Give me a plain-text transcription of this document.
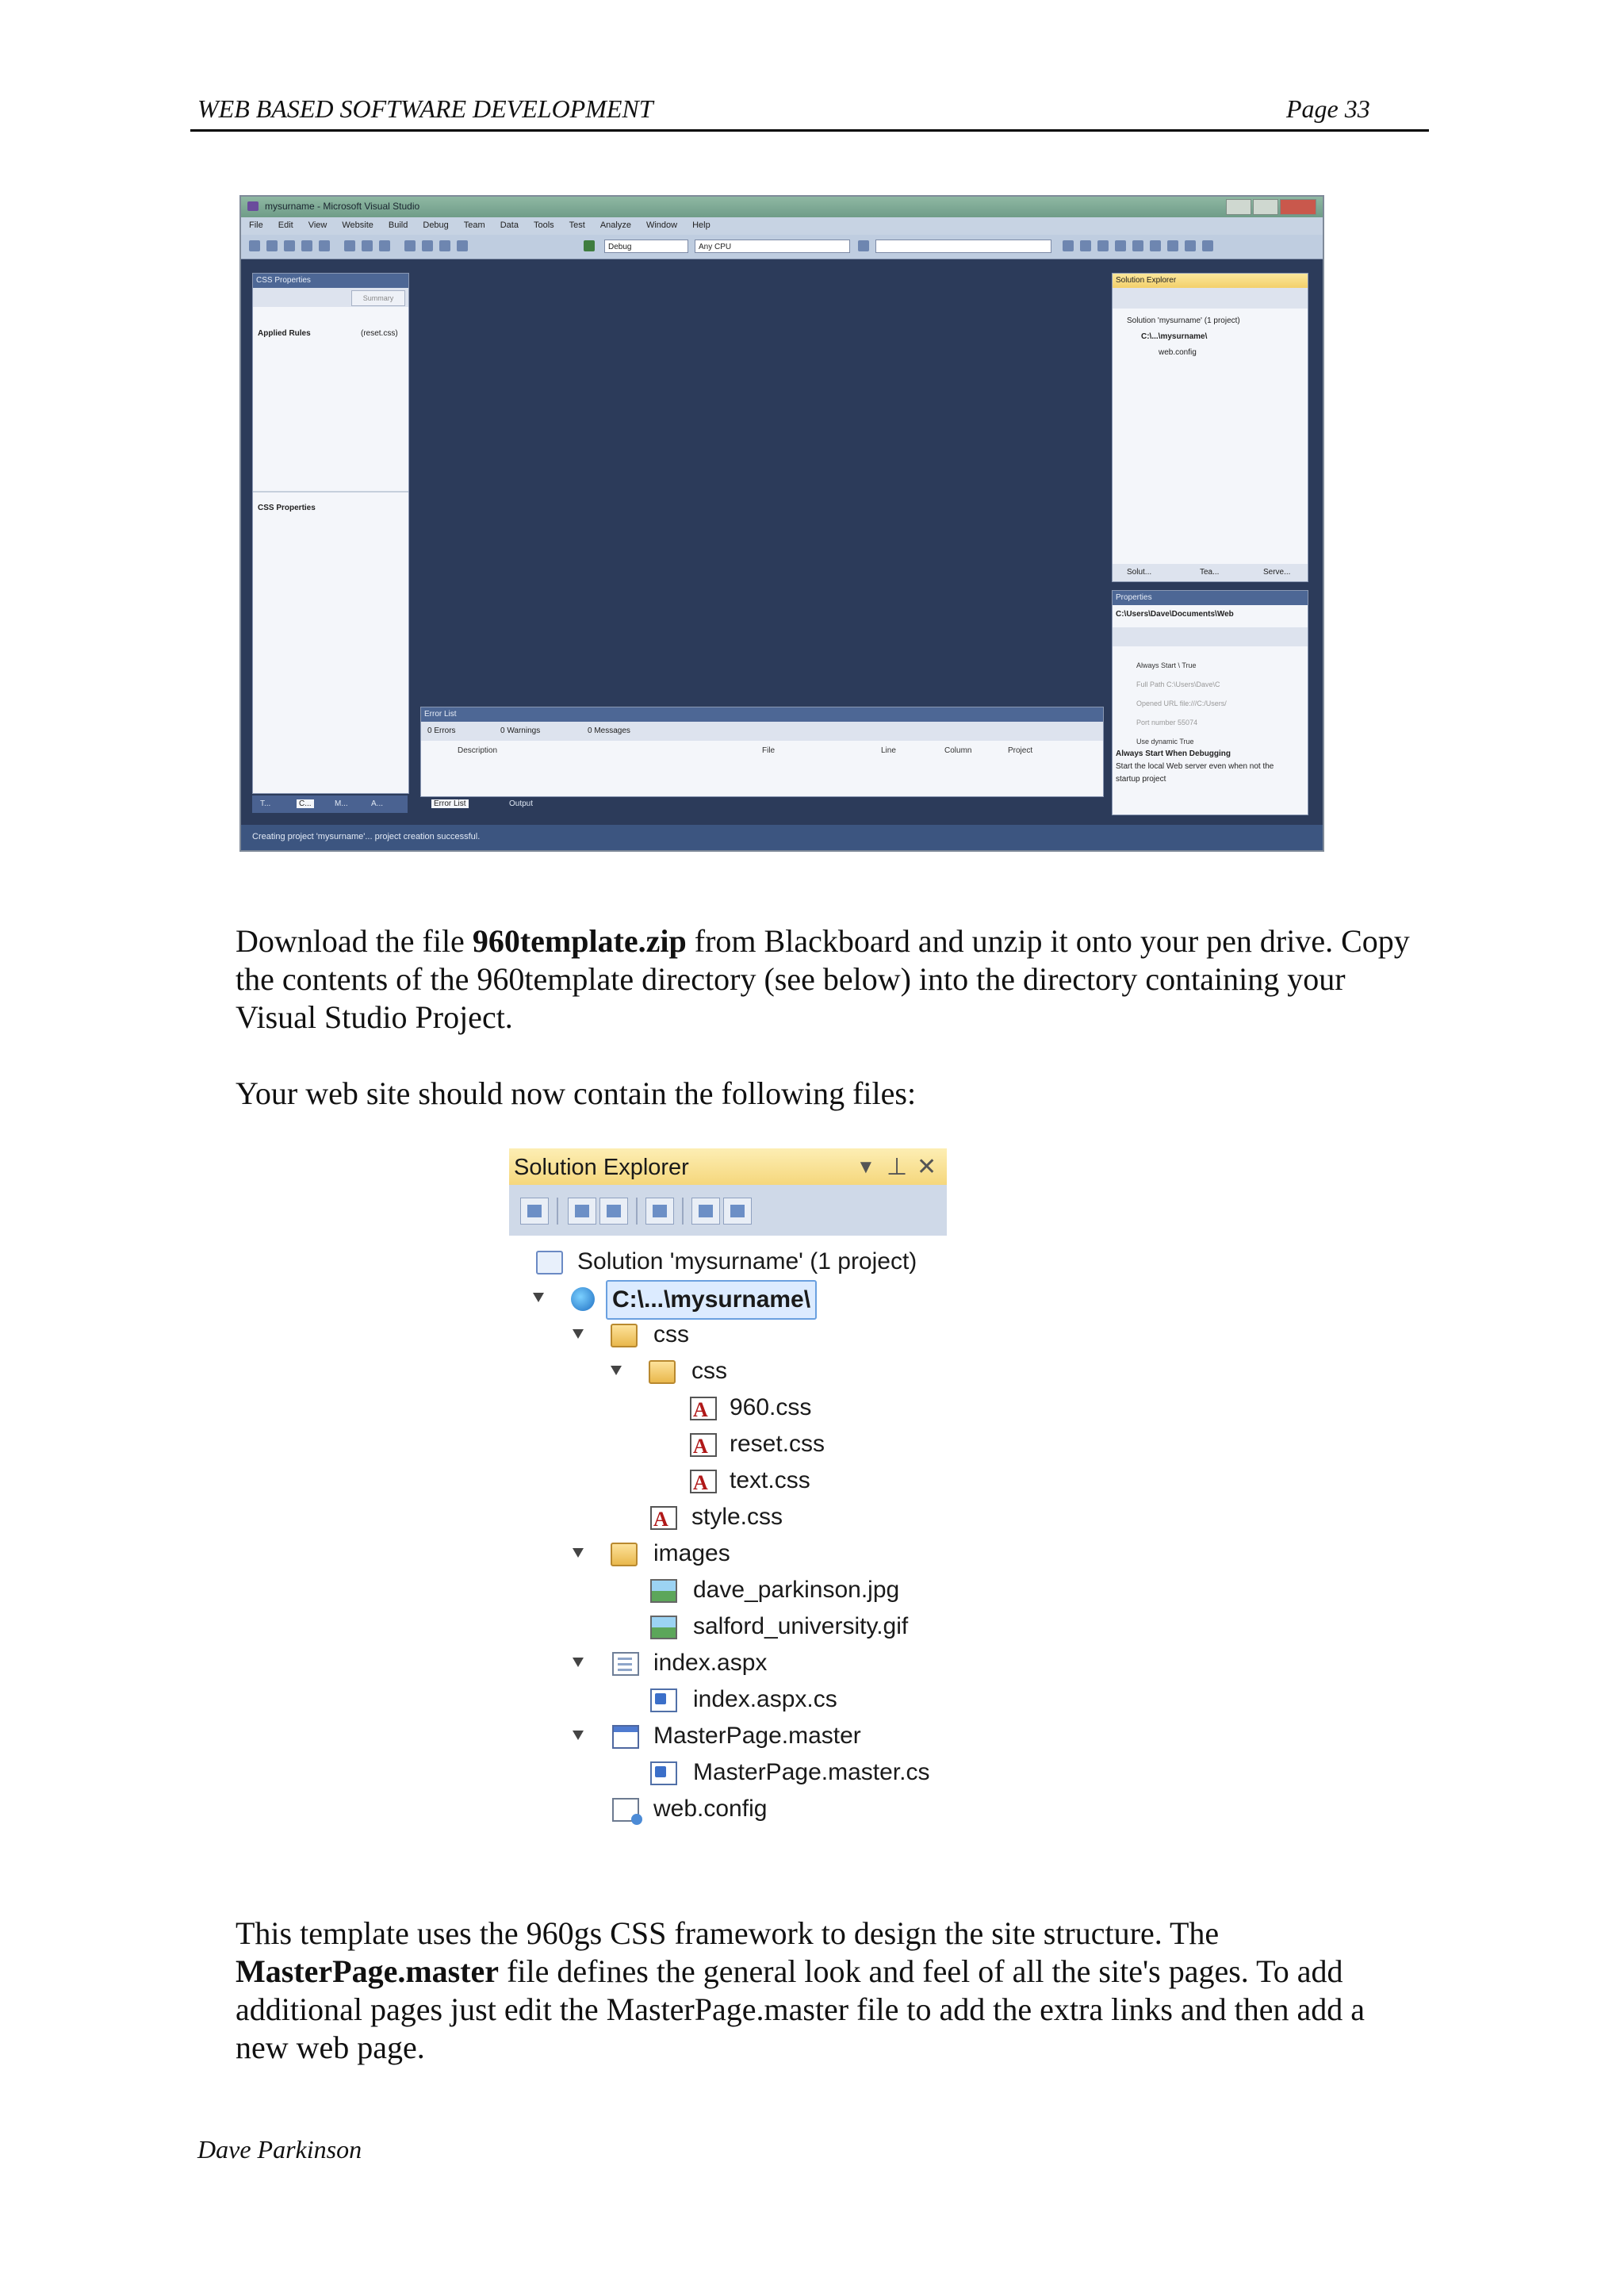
WEB BASED SOFTWARE DEVELOPMENT	Page 33
mysurname - Microsoft Visual Studio
File Edit View Website Build Debug Team Data Tools Test Analyze Window Help
Debug	Any CPU
CSS Properties
Summary
Applied Rules	(reset.css)
CSS Properties
T...	C...	M...	A...
Solution Explorer
Solution 'mysurname' (1 project)
C:\...\mysurname\
web.config
Solut...	Tea...	Serve...
Properties
C:\Users\Dave\Documents\Web
Always Start \ True
Full Path C:\Users\Dave\C
Opened URL file:///C:/Users/
Port number 55074
Use dynamic True
Always Start When Debugging
Start the local Web server even when not the startup project
Error List
0 Errors	0 Warnings	0 Messages
Description	File	Line	Column	Project
Error List	Output
Creating project 'mysurname'... project creation successful.
Download the file 960template.zip from Blackboard and unzip it onto your pen drive. Copy the contents of the 960template directory (see below) into the directory containing your Visual Studio Project.
Your web site should now contain the following files:
Solution Explorer	▼ ⊥ ✕
Solution 'mysurname' (1 project)
C:\...\mysurname\
css
css
A
960.css
A
reset.css
A
text.css
A
style.css
images
dave_parkinson.jpg
salford_university.gif
index.aspx
index.aspx.cs
MasterPage.master
MasterPage.master.cs
web.config
This template uses the 960gs CSS framework to design the site structure. The MasterPage.master file defines the general look and feel of all the site's pages. To add additional pages just edit the MasterPage.master file to add the extra links and then add a new web page.
Dave Parkinson
